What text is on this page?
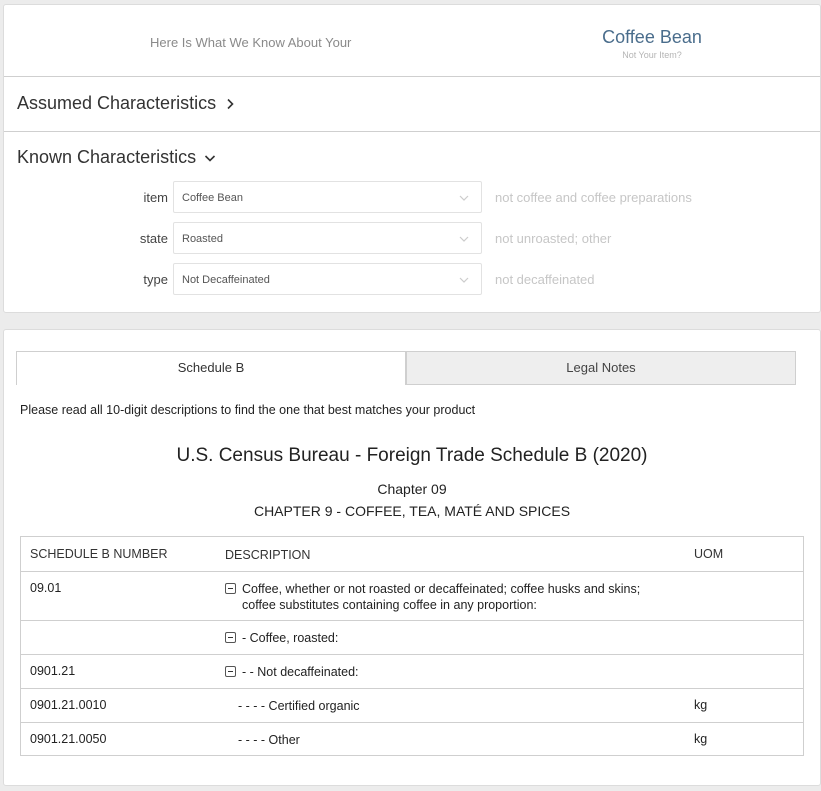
Here Is What We Know About Your	Coffee Bean
Not Your Item?
Assumed Characteristics
Known Characteristics
item Coffee Bean	not coffee and coffee preparations
state Roasted	not unroasted; other
type Not Decaffeinated	not decaffeinated
Schedule B	Legal Notes
Please read all 10-digit descriptions to find the one that best matches your product
U.S. Census Bureau - Foreign Trade Schedule B (2020)
Chapter 09
CHAPTER 9 - COFFEE, TEA, MATÉ AND SPICES
SCHEDULE B NUMBER	DESCRIPTION	UOM
09.01	Coffee, whether or not roasted or decaffeinated; coffee husks and skins; coffee substitutes containing coffee in any proportion:
- Coffee, roasted:
0901.21	- - Not decaffeinated:
0901.21.0010	- - - - Certified organic	kg
0901.21.0050	- - - - Other	kg
